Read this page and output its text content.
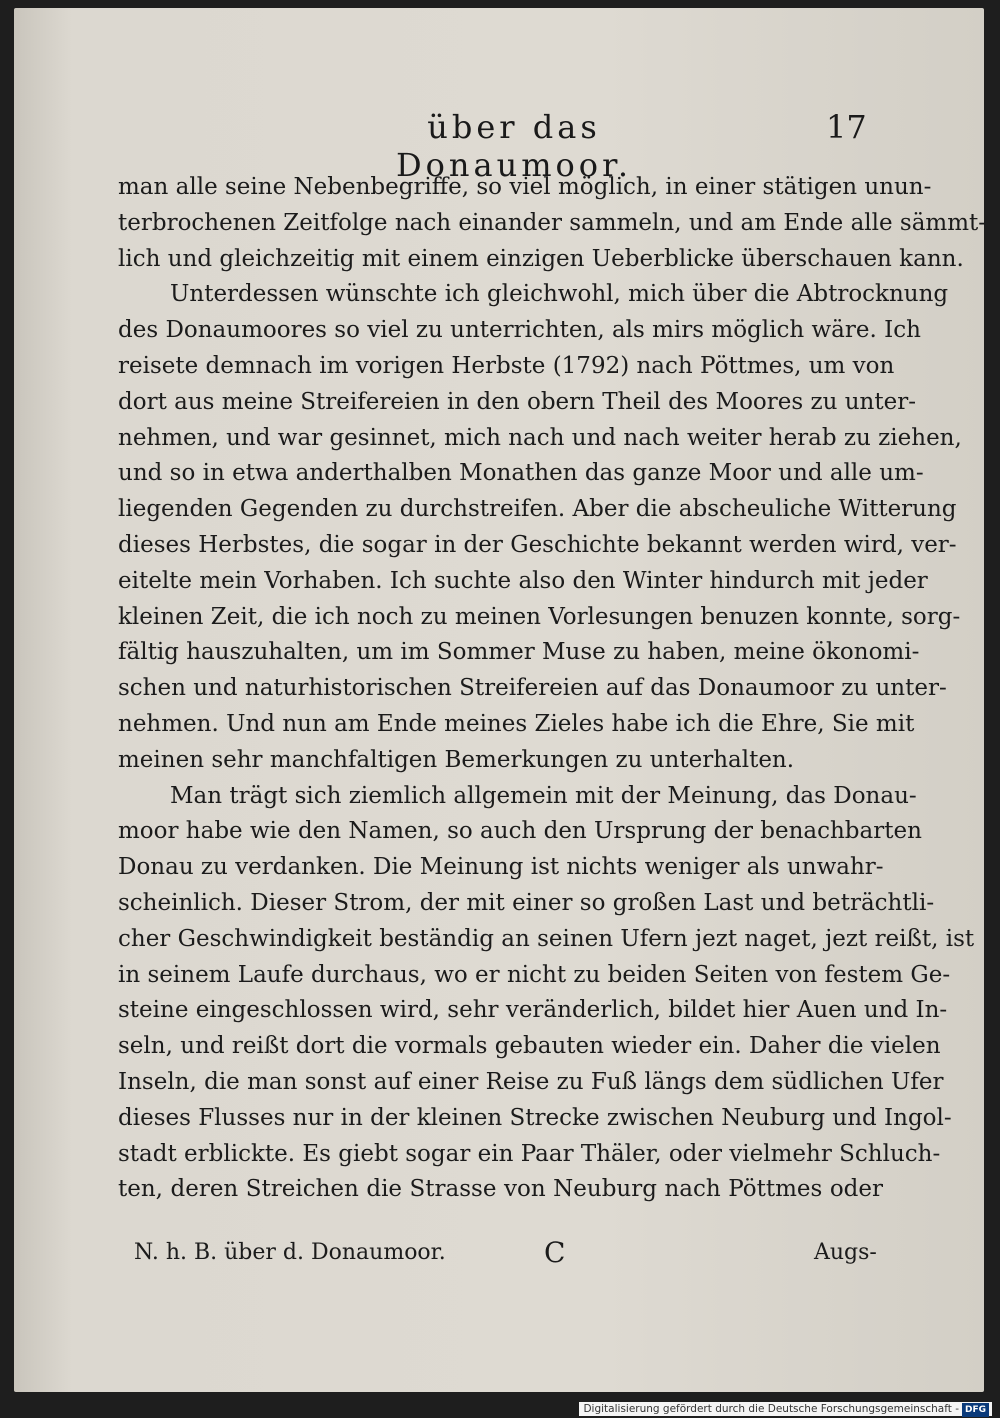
über das Donaumoor.
17
man alle seine Nebenbegriffe, so viel möglich, in einer stätigen unun-
terbrochenen Zeitfolge nach einander sammeln, und am Ende alle sämmt-
lich und gleichzeitig mit einem einzigen Ueberblicke überschauen kann.
Unterdessen wünschte ich gleichwohl, mich über die Abtrocknung
des Donaumoores so viel zu unterrichten, als mirs möglich wäre. Ich
reisete demnach im vorigen Herbste (1792) nach Pöttmes, um von
dort aus meine Streifereien in den obern Theil des Moores zu unter-
nehmen, und war gesinnet, mich nach und nach weiter herab zu ziehen,
und so in etwa anderthalben Monathen das ganze Moor und alle um-
liegenden Gegenden zu durchstreifen. Aber die abscheuliche Witterung
dieses Herbstes, die sogar in der Geschichte bekannt werden wird, ver-
eitelte mein Vorhaben. Ich suchte also den Winter hindurch mit jeder
kleinen Zeit, die ich noch zu meinen Vorlesungen benuzen konnte, sorg-
fältig hauszuhalten, um im Sommer Muse zu haben, meine ökonomi-
schen und naturhistorischen Streifereien auf das Donaumoor zu unter-
nehmen. Und nun am Ende meines Zieles habe ich die Ehre, Sie mit
meinen sehr manchfaltigen Bemerkungen zu unterhalten.
Man trägt sich ziemlich allgemein mit der Meinung, das Donau-
moor habe wie den Namen, so auch den Ursprung der benachbarten
Donau zu verdanken. Die Meinung ist nichts weniger als unwahr-
scheinlich. Dieser Strom, der mit einer so großen Last und beträchtli-
cher Geschwindigkeit beständig an seinen Ufern jezt naget, jezt reißt, ist
in seinem Laufe durchaus, wo er nicht zu beiden Seiten von festem Ge-
steine eingeschlossen wird, sehr veränderlich, bildet hier Auen und In-
seln, und reißt dort die vormals gebauten wieder ein. Daher die vielen
Inseln, die man sonst auf einer Reise zu Fuß längs dem südlichen Ufer
dieses Flusses nur in der kleinen Strecke zwischen Neuburg und Ingol-
stadt erblickte. Es giebt sogar ein Paar Thäler, oder vielmehr Schluch-
ten, deren Streichen die Strasse von Neuburg nach Pöttmes oder
N. h. B. über d. Donaumoor.	C	Augs-
Digitalisierung gefördert durch die Deutsche Forschungsgemeinschaft - DFG
